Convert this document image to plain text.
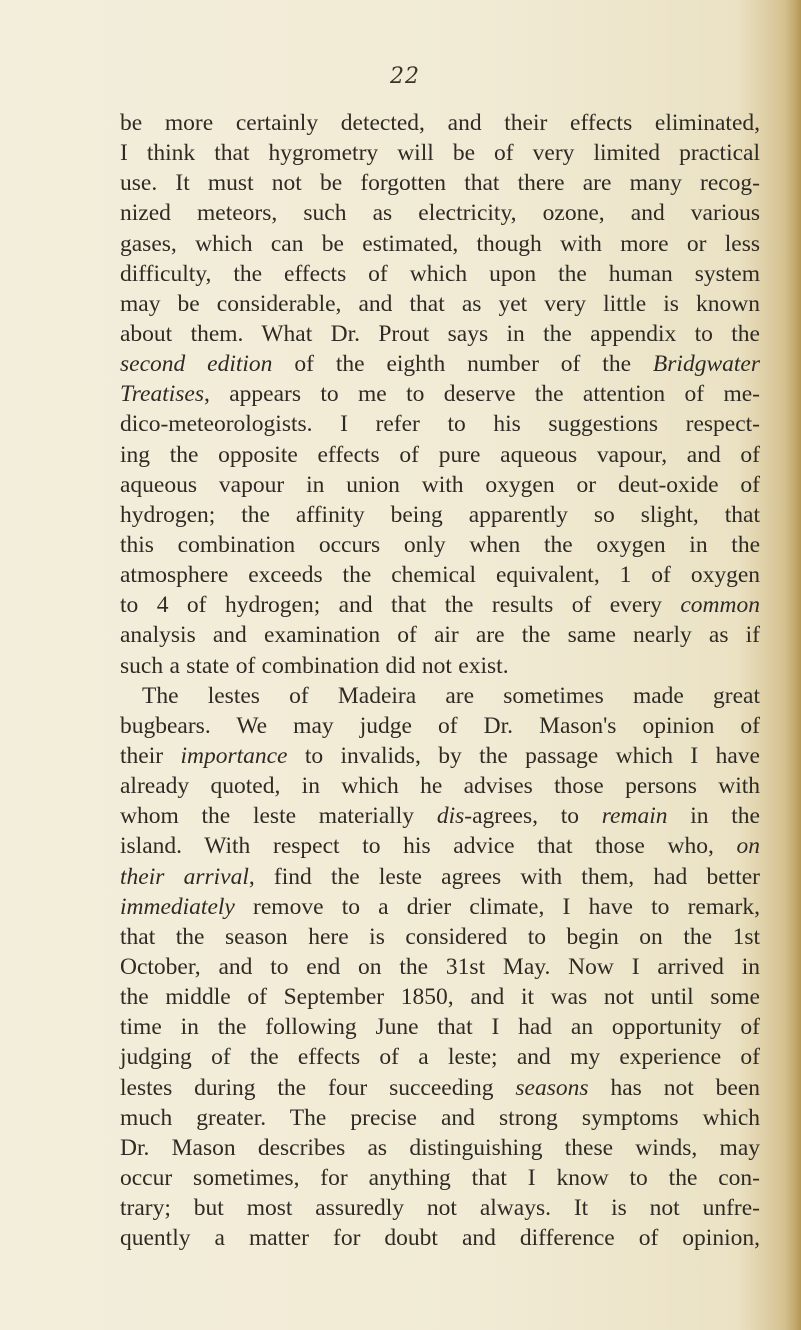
22
be more certainly detected, and their effects eliminated,
I think that hygrometry will be of very limited practical
use. It must not be forgotten that there are many recog-
nized meteors, such as electricity, ozone, and various
gases, which can be estimated, though with more or less
difficulty, the effects of which upon the human system
may be considerable, and that as yet very little is known
about them. What Dr. Prout says in the appendix to the
second edition of the eighth number of the Bridgwater
Treatises, appears to me to deserve the attention of me-
dico-meteorologists. I refer to his suggestions respect-
ing the opposite effects of pure aqueous vapour, and of
aqueous vapour in union with oxygen or deut-oxide of
hydrogen; the affinity being apparently so slight, that
this combination occurs only when the oxygen in the
atmosphere exceeds the chemical equivalent, 1 of oxygen
to 4 of hydrogen; and that the results of every common
analysis and examination of air are the same nearly as if
such a state of combination did not exist.
The lestes of Madeira are sometimes made great
bugbears. We may judge of Dr. Mason's opinion of
their importance to invalids, by the passage which I have
already quoted, in which he advises those persons with
whom the leste materially dis-agrees, to remain in the
island. With respect to his advice that those who, on
their arrival, find the leste agrees with them, had better
immediately remove to a drier climate, I have to remark,
that the season here is considered to begin on the 1st
October, and to end on the 31st May. Now I arrived in
the middle of September 1850, and it was not until some
time in the following June that I had an opportunity of
judging of the effects of a leste; and my experience of
lestes during the four succeeding seasons has not been
much greater. The precise and strong symptoms which
Dr. Mason describes as distinguishing these winds, may
occur sometimes, for anything that I know to the con-
trary; but most assuredly not always. It is not unfre-
quently a matter for doubt and difference of opinion,
